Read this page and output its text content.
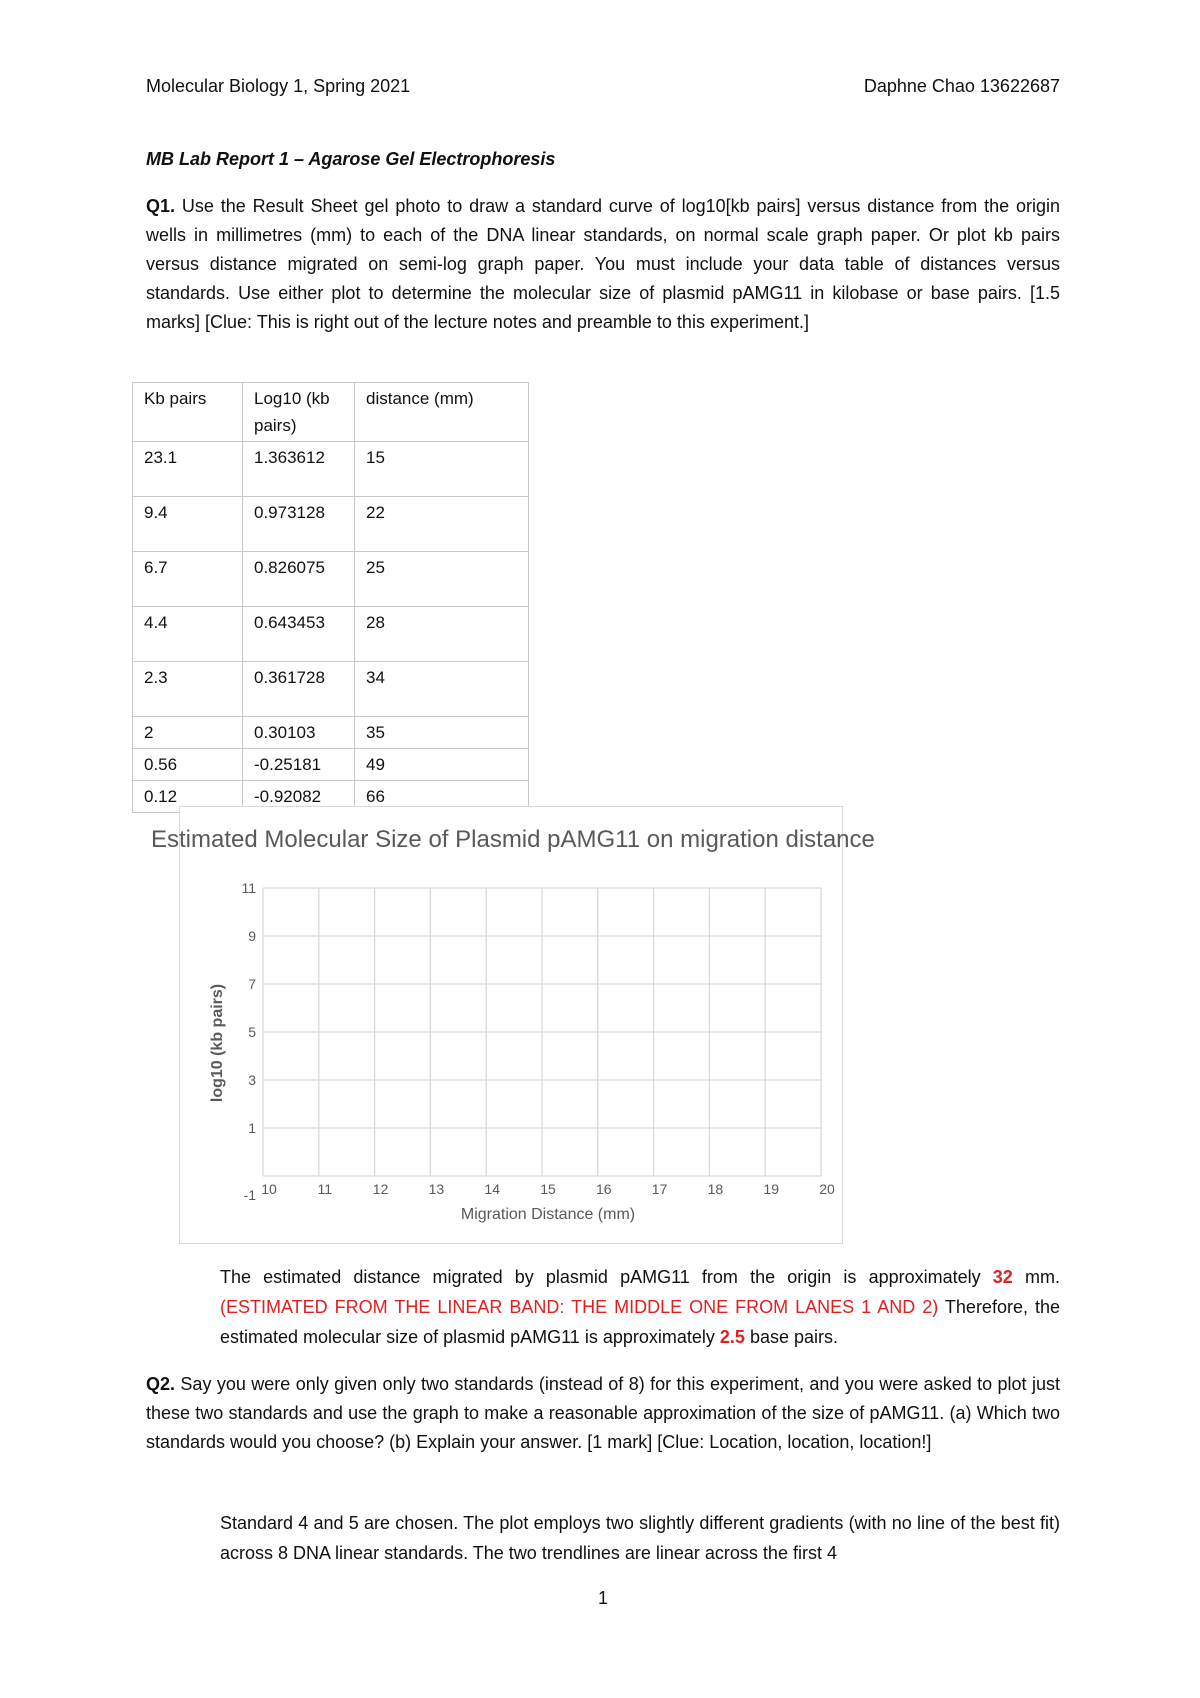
Molecular Biology 1, Spring 2021	Daphne Chao 13622687
MB Lab Report 1 – Agarose Gel Electrophoresis
Q1. Use the Result Sheet gel photo to draw a standard curve of log10[kb pairs] versus distance from the origin wells in millimetres (mm) to each of the DNA linear standards, on normal scale graph paper. Or plot kb pairs versus distance migrated on semi-log graph paper. You must include your data table of distances versus standards. Use either plot to determine the molecular size of plasmid pAMG11 in kilobase or base pairs. [1.5 marks] [Clue: This is right out of the lecture notes and preamble to this experiment.]
Kb pairs	Log10 (kb pairs)	distance (mm)
23.1	1.363612	15
9.4	0.973128	22
6.7	0.826075	25
4.4	0.643453	28
2.3	0.361728	34
2	0.30103	35
0.56	-0.25181	49
0.12	-0.92082	66
Estimated Molecular Size of Plasmid pAMG11 on migration distance
10	11	12	13	14	15	16	17	18	19	20
-1
1
3
5
7
9
11
Migration Distance (mm)
log10 (kb pairs)
The estimated distance migrated by plasmid pAMG11 from the origin is approximately 32 mm. (ESTIMATED FROM THE LINEAR BAND: THE MIDDLE ONE FROM LANES 1 AND 2) Therefore, the estimated molecular size of plasmid pAMG11 is approximately 2.5 base pairs.
Q2. Say you were only given only two standards (instead of 8) for this experiment, and you were asked to plot just these two standards and use the graph to make a reasonable approximation of the size of pAMG11. (a) Which two standards would you choose? (b) Explain your answer. [1 mark] [Clue: Location, location, location!]
Standard 4 and 5 are chosen. The plot employs two slightly different gradients (with no line of the best fit) across 8 DNA linear standards. The two trendlines are linear across the first 4
1
